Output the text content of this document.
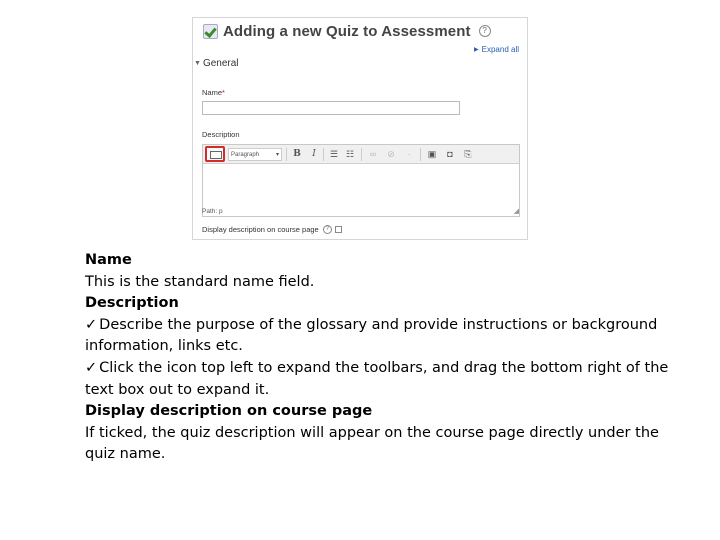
Adding a new Quiz to Assessment	?
▶ Expand all
▼ General
Name*
Description
Paragraph	▾	B	I	☰ ☷	∞	⊘	·	▣	◘	⎘
Path: p	◢
Display description on course page	?
Name
This is the standard name field.
Description
✓ Describe the purpose of the glossary and provide instructions or background information, links etc.
✓ Click the icon top left to expand the toolbars, and drag the bottom right of the text box out to expand it.
Display description on course page
If ticked, the quiz description will appear on the course page directly under the quiz name.
